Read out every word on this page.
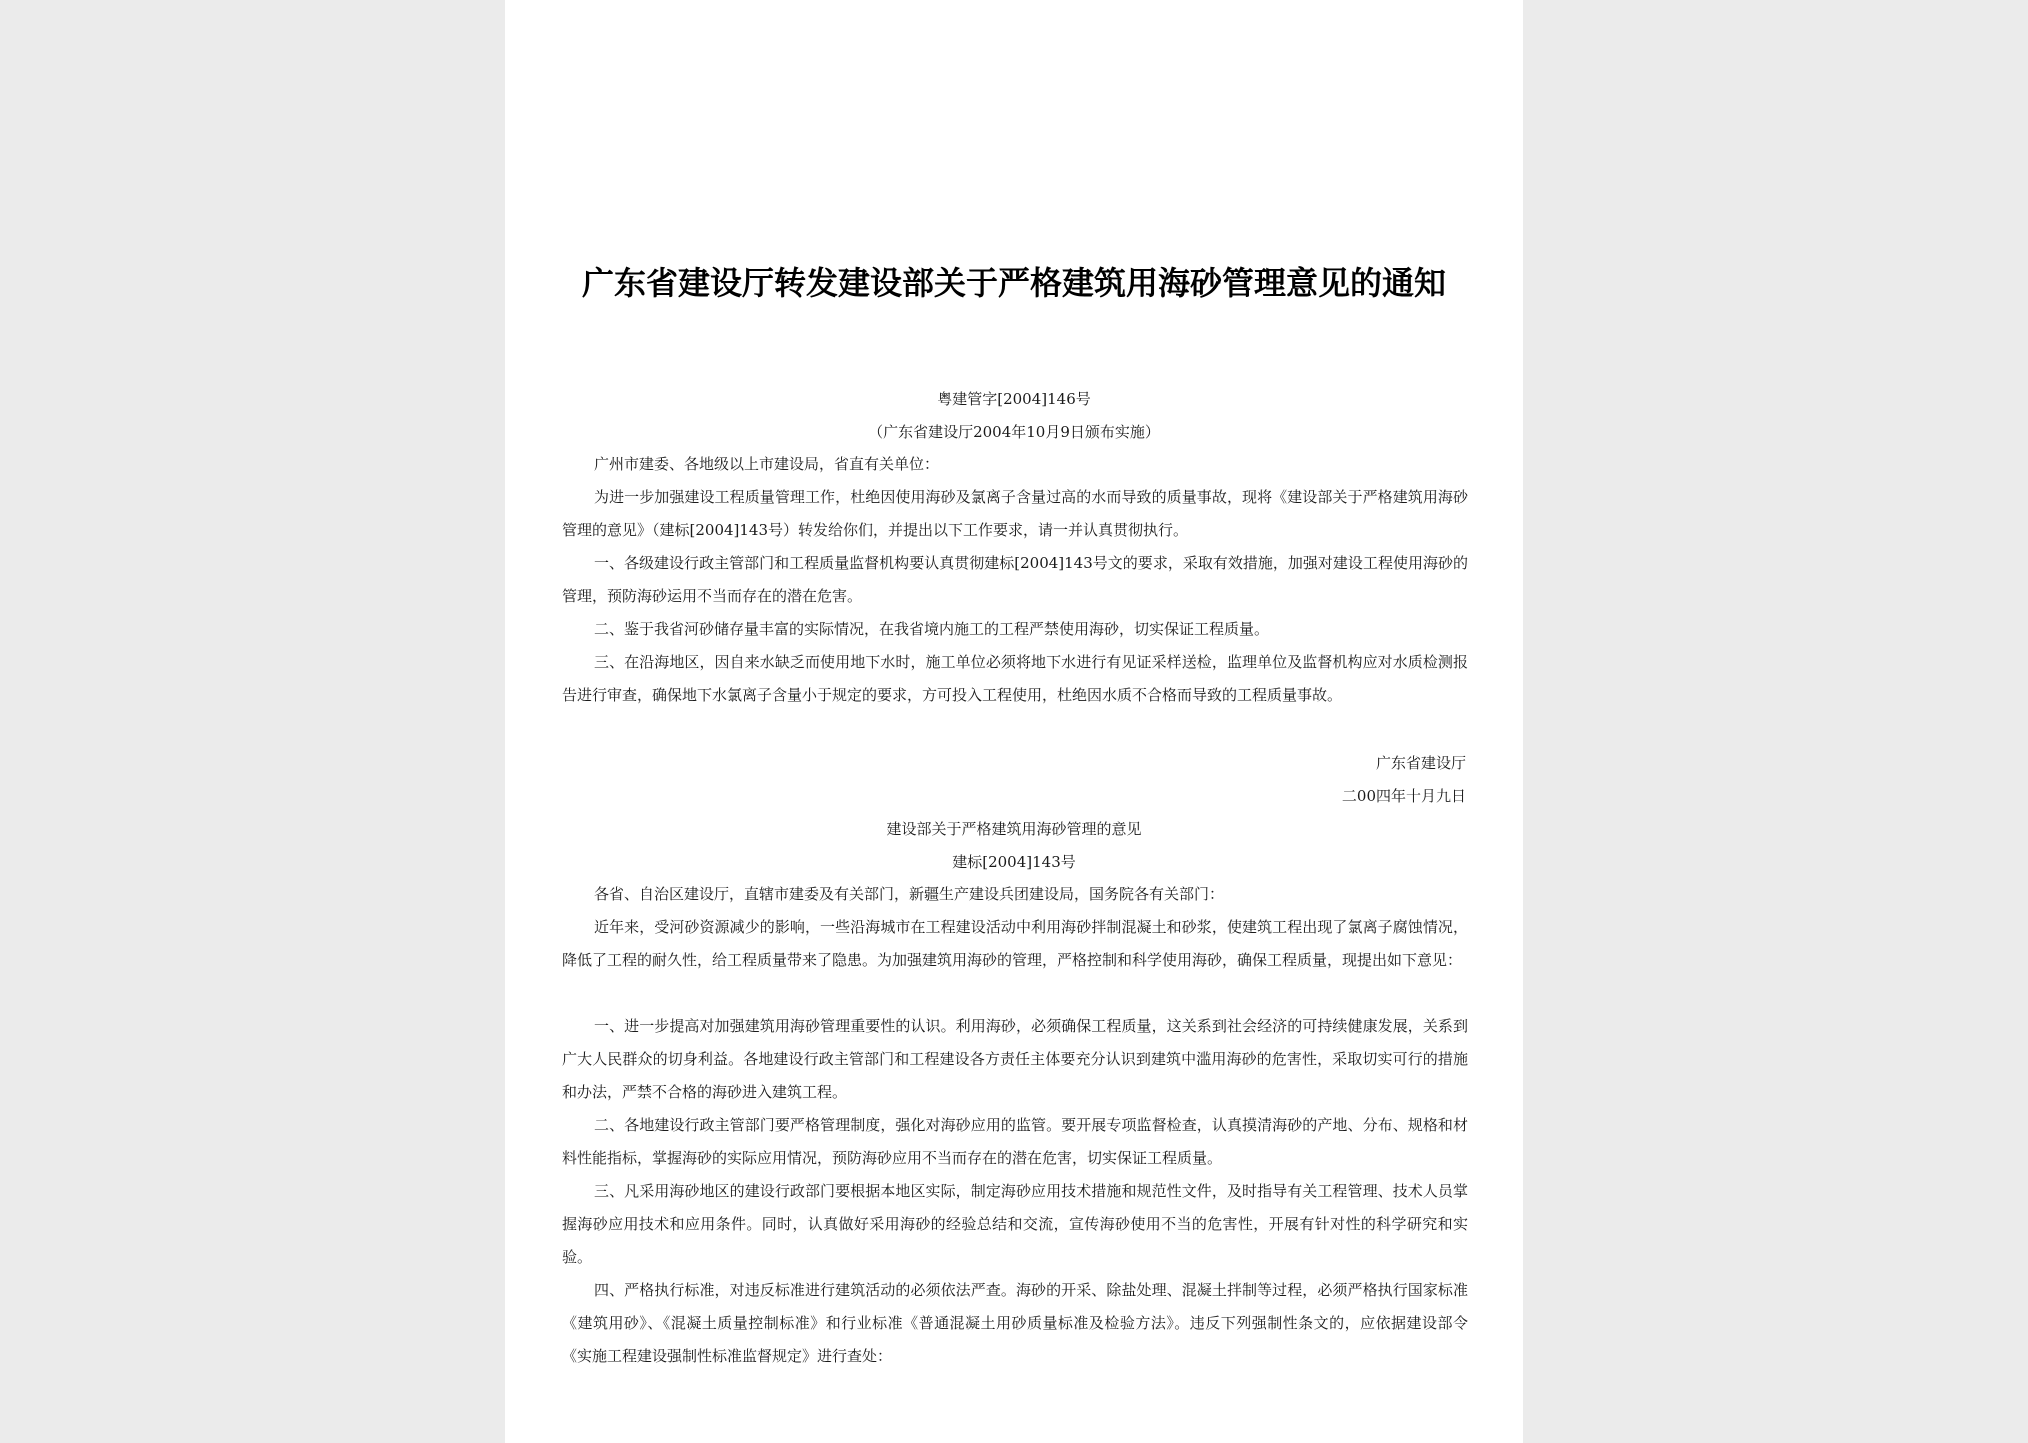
广东省建设厅转发建设部关于严格建筑用海砂管理意见的通知
粤建管字[2004]146号
（广东省建设厅2004年10月9日颁布实施）
广州市建委、各地级以上市建设局，省直有关单位：
为进一步加强建设工程质量管理工作，杜绝因使用海砂及氯离子含量过高的水而导致的质量事故，现将《建设部关于严格建筑用海砂管理的意见》（建标[2004]143号）转发给你们，并提出以下工作要求，请一并认真贯彻执行。
一、各级建设行政主管部门和工程质量监督机构要认真贯彻建标[2004]143号文的要求，采取有效措施，加强对建设工程使用海砂的管理，预防海砂运用不当而存在的潜在危害。
二、鉴于我省河砂储存量丰富的实际情况，在我省境内施工的工程严禁使用海砂，切实保证工程质量。
三、在沿海地区，因自来水缺乏而使用地下水时，施工单位必须将地下水进行有见证采样送检，监理单位及监督机构应对水质检测报告进行审查，确保地下水氯离子含量小于规定的要求，方可投入工程使用，杜绝因水质不合格而导致的工程质量事故。
广东省建设厅
二00四年十月九日
建设部关于严格建筑用海砂管理的意见
建标[2004]143号
各省、自治区建设厅，直辖市建委及有关部门，新疆生产建设兵团建设局，国务院各有关部门：
近年来，受河砂资源减少的影响，一些沿海城市在工程建设活动中利用海砂拌制混凝土和砂浆，使建筑工程出现了氯离子腐蚀情况，降低了工程的耐久性，给工程质量带来了隐患。为加强建筑用海砂的管理，严格控制和科学使用海砂，确保工程质量，现提出如下意见：
一、进一步提高对加强建筑用海砂管理重要性的认识。利用海砂，必须确保工程质量，这关系到社会经济的可持续健康发展，关系到广大人民群众的切身利益。各地建设行政主管部门和工程建设各方责任主体要充分认识到建筑中滥用海砂的危害性，采取切实可行的措施和办法，严禁不合格的海砂进入建筑工程。
二、各地建设行政主管部门要严格管理制度，强化对海砂应用的监管。要开展专项监督检查，认真摸清海砂的产地、分布、规格和材料性能指标，掌握海砂的实际应用情况，预防海砂应用不当而存在的潜在危害，切实保证工程质量。
三、凡采用海砂地区的建设行政部门要根据本地区实际，制定海砂应用技术措施和规范性文件，及时指导有关工程管理、技术人员掌握海砂应用技术和应用条件。同时，认真做好采用海砂的经验总结和交流，宣传海砂使用不当的危害性，开展有针对性的科学研究和实验。
四、严格执行标准，对违反标准进行建筑活动的必须依法严查。海砂的开采、除盐处理、混凝土拌制等过程，必须严格执行国家标准《建筑用砂》、《混凝土质量控制标准》和行业标准《普通混凝土用砂质量标准及检验方法》。违反下列强制性条文的，应依据建设部令《实施工程建设强制性标准监督规定》进行查处：
